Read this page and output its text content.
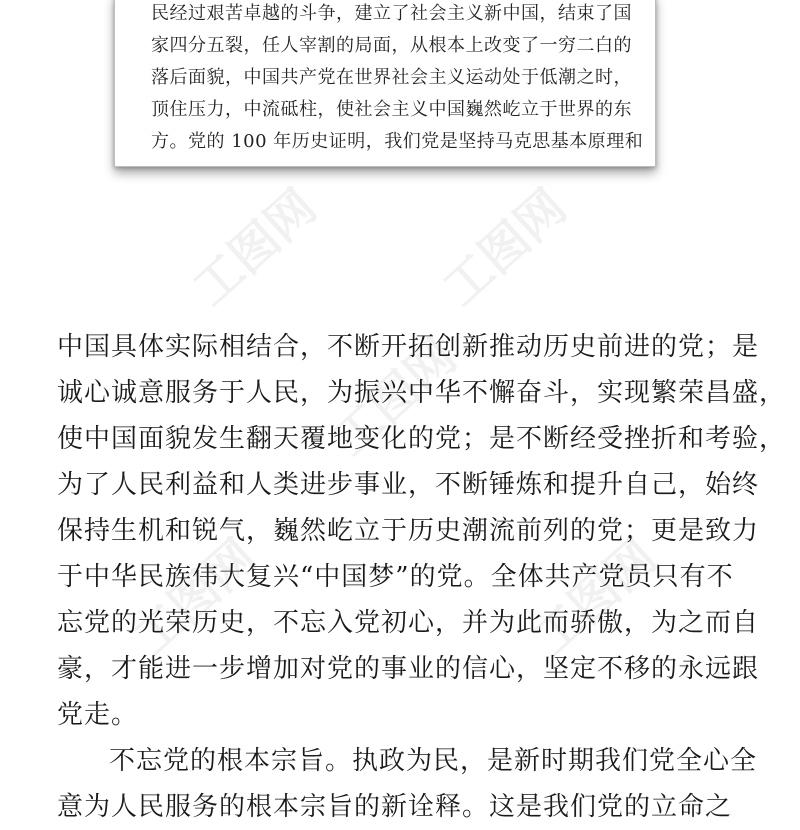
民经过艰苦卓越的斗争，建立了社会主义新中国，结束了国
家四分五裂，任人宰割的局面，从根本上改变了一穷二白的
落后面貌，中国共产党在世界社会主义运动处于低潮之时，
顶住压力，中流砥柱，使社会主义中国巍然屹立于世界的东
方。党的 100 年历史证明，我们党是坚持马克思基本原理和
工图网
工图网
工图网
工图网	工图网
中国具体实际相结合，不断开拓创新推动历史前进的党；是
诚心诚意服务于人民，为振兴中华不懈奋斗，实现繁荣昌盛，
使中国面貌发生翻天覆地变化的党；是不断经受挫折和考验，
为了人民利益和人类进步事业，不断锤炼和提升自己，始终
保持生机和锐气，巍然屹立于历史潮流前列的党；更是致力
于中华民族伟大复兴“中国梦”的党。全体共产党员只有不
忘党的光荣历史，不忘入党初心，并为此而骄傲，为之而自
豪，才能进一步增加对党的事业的信心，坚定不移的永远跟
党走。
不忘党的根本宗旨。执政为民，是新时期我们党全心全
意为人民服务的根本宗旨的新诠释。这是我们党的立命之
